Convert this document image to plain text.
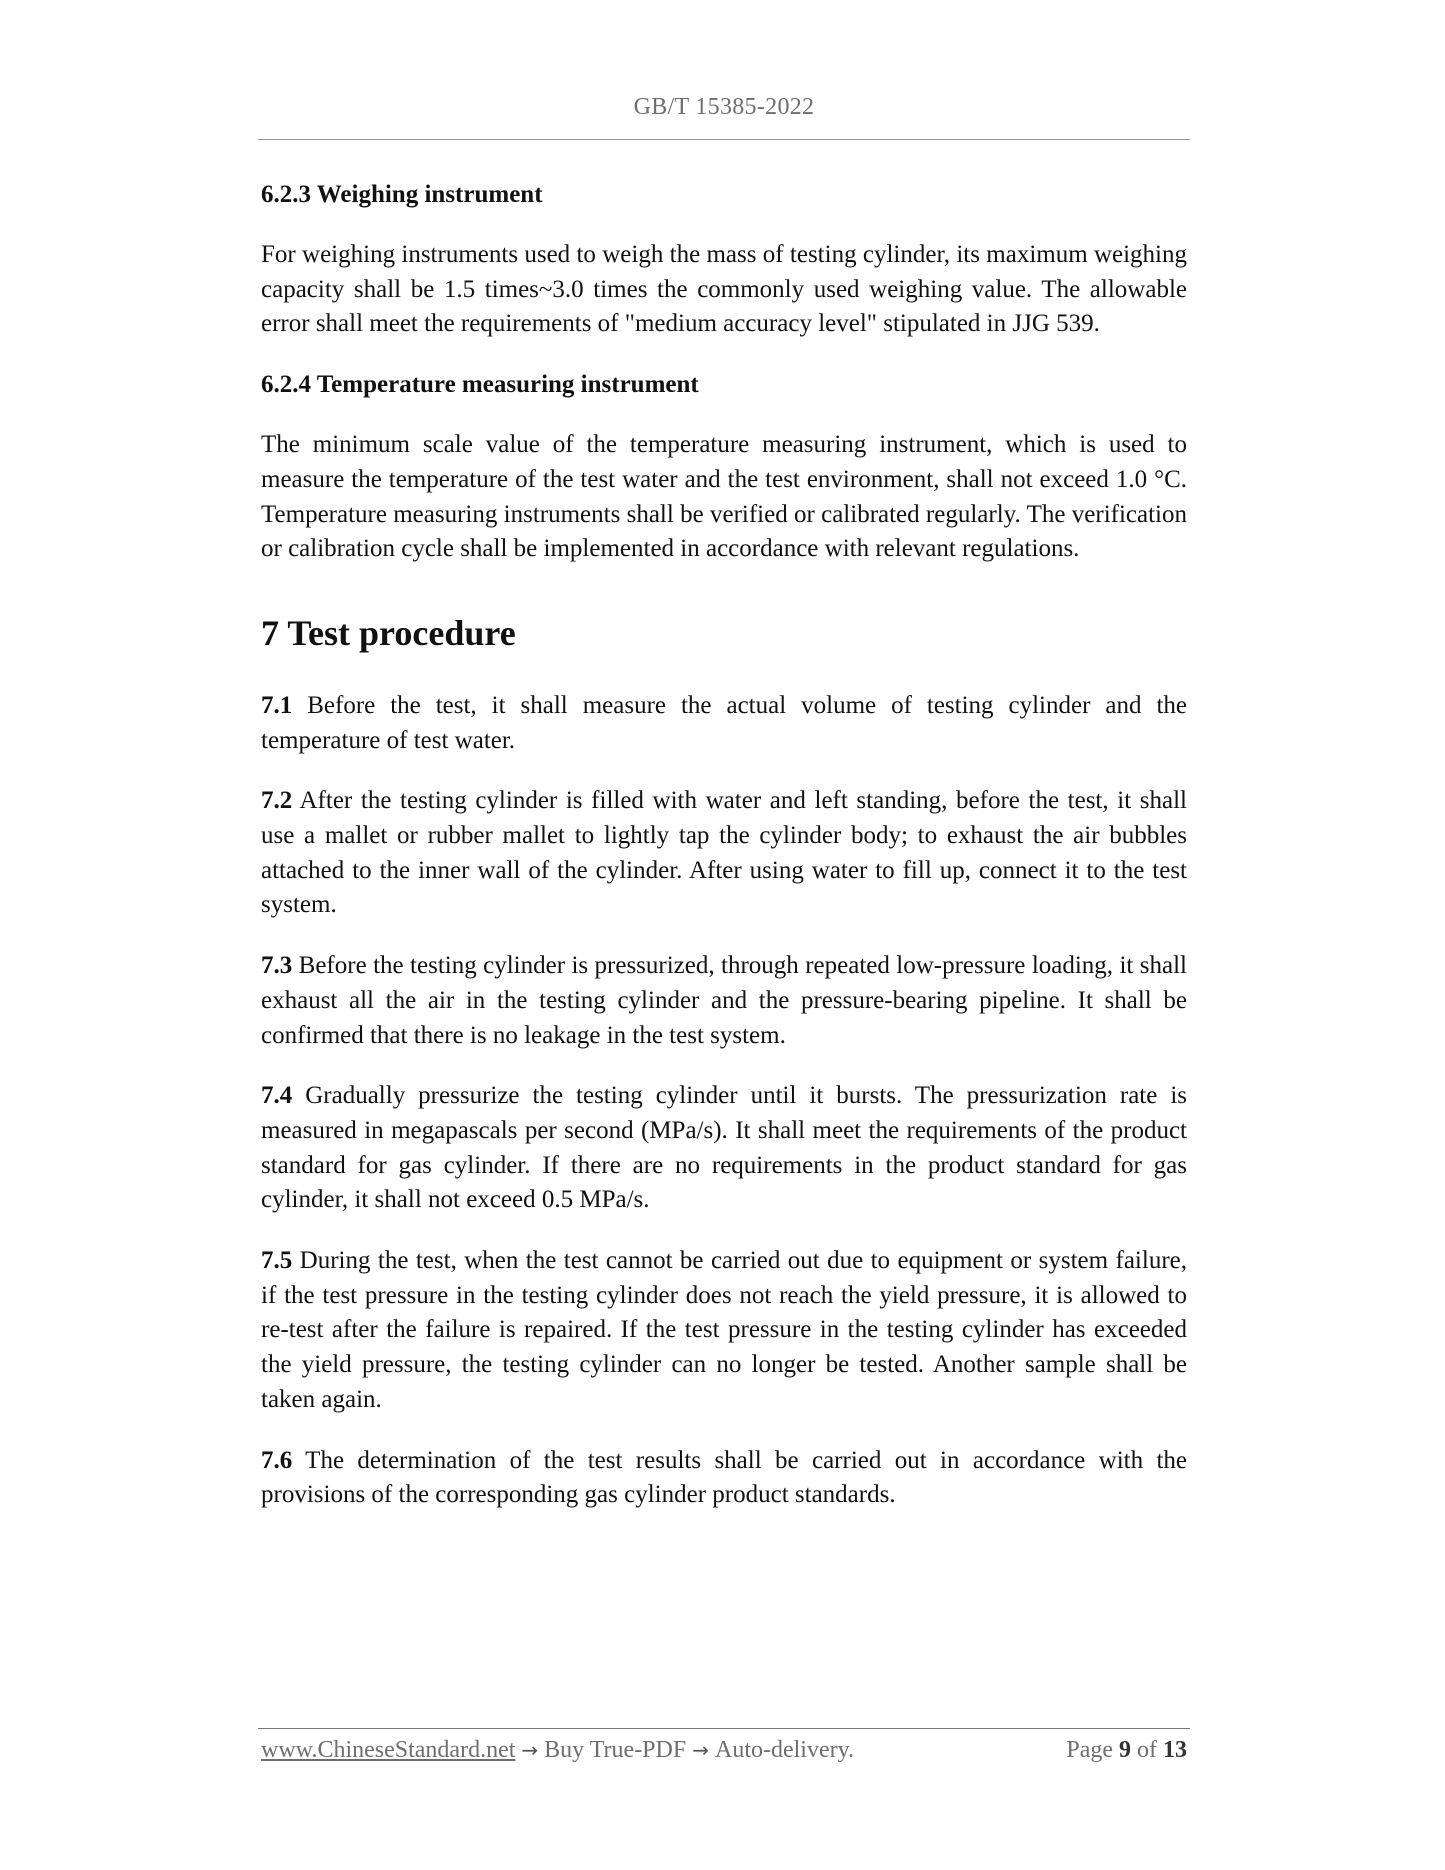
GB/T 15385-2022
6.2.3 Weighing instrument

For weighing instruments used to weigh the mass of testing cylinder, its maximum weighing capacity shall be 1.5 times~3.0 times the commonly used weighing value. The allowable error shall meet the requirements of "medium accuracy level" stipulated in JJG 539.

6.2.4 Temperature measuring instrument

The minimum scale value of the temperature measuring instrument, which is used to measure the temperature of the test water and the test environment, shall not exceed 1.0 °C. Temperature measuring instruments shall be verified or calibrated regularly. The verification or calibration cycle shall be implemented in accordance with relevant regulations.

7 Test procedure

7.1 Before the test, it shall measure the actual volume of testing cylinder and the temperature of test water.

7.2 After the testing cylinder is filled with water and left standing, before the test, it shall use a mallet or rubber mallet to lightly tap the cylinder body; to exhaust the air bubbles attached to the inner wall of the cylinder. After using water to fill up, connect it to the test system.

7.3 Before the testing cylinder is pressurized, through repeated low-pressure loading, it shall exhaust all the air in the testing cylinder and the pressure-bearing pipeline. It shall be confirmed that there is no leakage in the test system.

7.4 Gradually pressurize the testing cylinder until it bursts. The pressurization rate is measured in megapascals per second (MPa/s). It shall meet the requirements of the product standard for gas cylinder. If there are no requirements in the product standard for gas cylinder, it shall not exceed 0.5 MPa/s.

7.5 During the test, when the test cannot be carried out due to equipment or system failure, if the test pressure in the testing cylinder does not reach the yield pressure, it is allowed to re-test after the failure is repaired. If the test pressure in the testing cylinder has exceeded the yield pressure, the testing cylinder can no longer be tested. Another sample shall be taken again.

7.6 The determination of the test results shall be carried out in accordance with the provisions of the corresponding gas cylinder product standards.

www.ChineseStandard.net → Buy True-PDF → Auto-delivery.	Page 9 of 13
